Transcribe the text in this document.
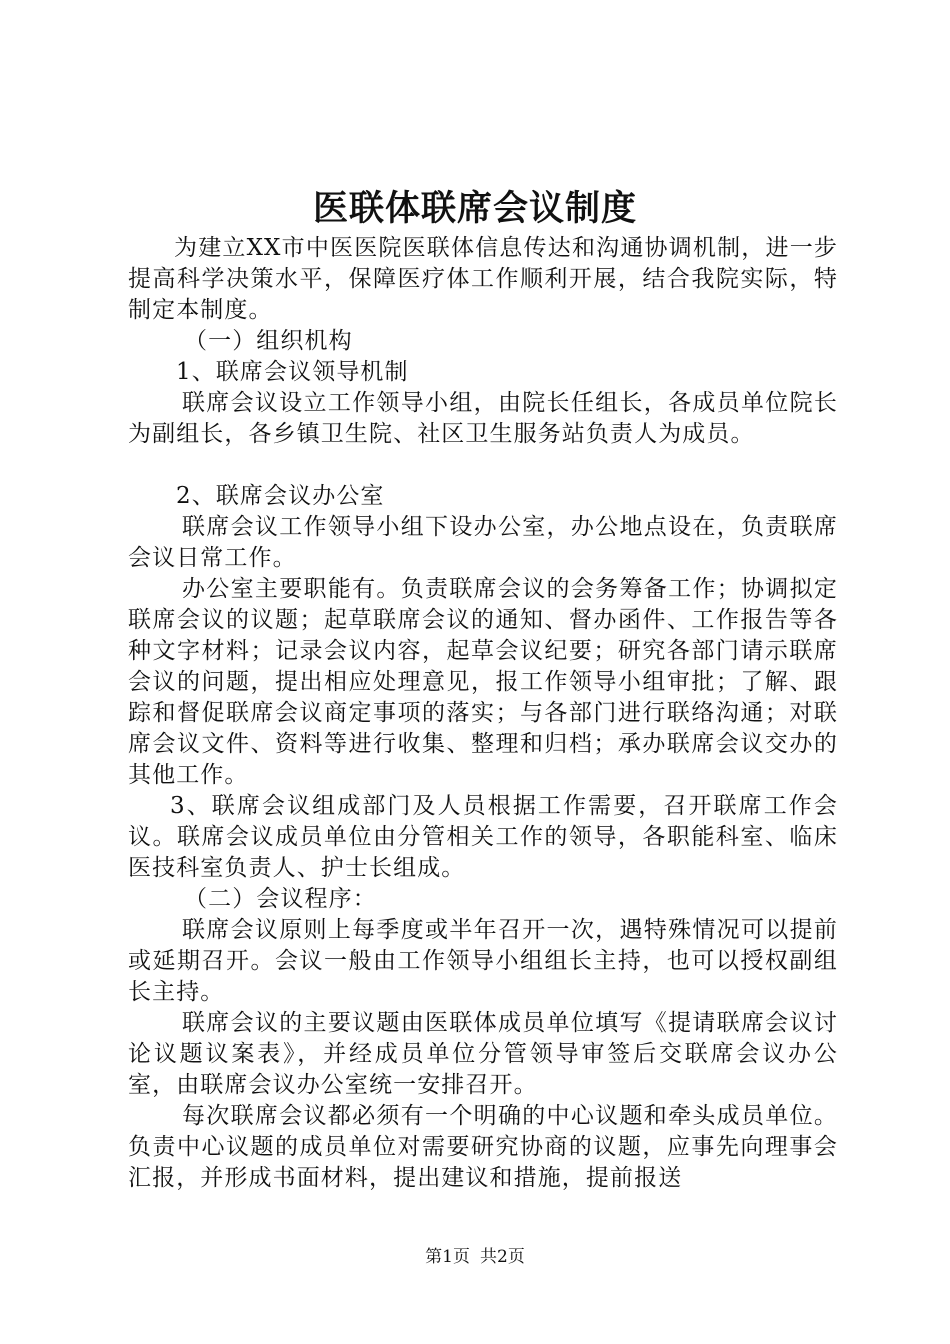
医联体联席会议制度

为建立XX市中医医院医联体信息传达和沟通协调机制，进一步提高科学决策水平，保障医疗体工作顺利开展，结合我院实际，特制定本制度。

（一）组织机构

1、联席会议领导机制

联席会议设立工作领导小组，由院长任组长，各成员单位院长为副组长，各乡镇卫生院、社区卫生服务站负责人为成员。

2、联席会议办公室

联席会议工作领导小组下设办公室，办公地点设在，负责联席会议日常工作。

办公室主要职能有。负责联席会议的会务筹备工作；协调拟定联席会议的议题；起草联席会议的通知、督办函件、工作报告等各种文字材料；记录会议内容，起草会议纪要；研究各部门请示联席会议的问题，提出相应处理意见，报工作领导小组审批；了解、跟踪和督促联席会议商定事项的落实；与各部门进行联络沟通；对联席会议文件、资料等进行收集、整理和归档；承办联席会议交办的其他工作。

3、联席会议组成部门及人员根据工作需要，召开联席工作会议。联席会议成员单位由分管相关工作的领导，各职能科室、临床医技科室负责人、护士长组成。

（二）会议程序：

联席会议原则上每季度或半年召开一次，遇特殊情况可以提前或延期召开。会议一般由工作领导小组组长主持，也可以授权副组长主持。

联席会议的主要议题由医联体成员单位填写《提请联席会议讨论议题议案表》，并经成员单位分管领导审签后交联席会议办公室，由联席会议办公室统一安排召开。

每次联席会议都必须有一个明确的中心议题和牵头成员单位。负责中心议题的成员单位对需要研究协商的议题，应事先向理事会汇报，并形成书面材料，提出建议和措施，提前报送

第1页 共2页
